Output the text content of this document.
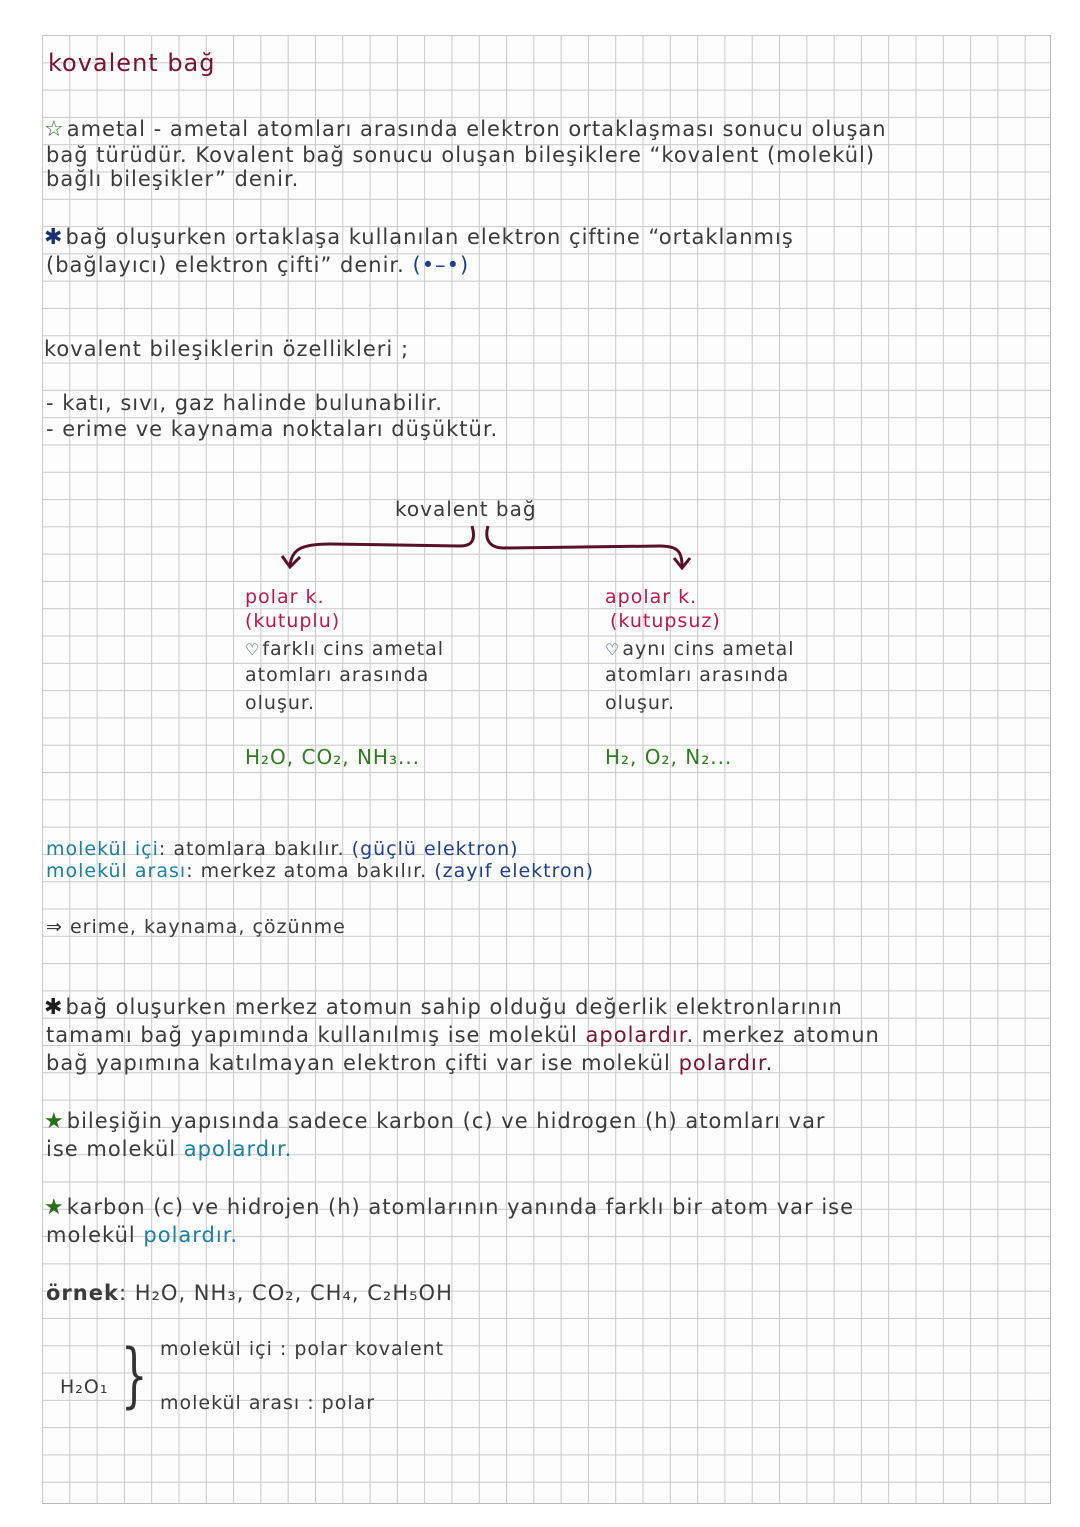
kovalent bağ
☆ametal - ametal atomları arasında elektron ortaklaşması sonucu oluşan
bağ türüdür. Kovalent bağ sonucu oluşan bileşiklere “kovalent (molekül)
bağlı bileşikler” denir.
✱bağ oluşurken ortaklaşa kullanılan elektron çiftine “ortaklanmış
(bağlayıcı) elektron çifti” denir. (•–•)
kovalent bileşiklerin özellikleri ;
- katı, sıvı, gaz halinde bulunabilir.
- erime ve kaynama noktaları düşüktür.
kovalent bağ
polar k.
(kutuplu)
♡ farklı cins ametal
atomları arasında
oluşur.
H₂O, CO₂, NH₃...
apolar k.
(kutupsuz)
♡ aynı cins ametal
atomları arasında
oluşur.
H₂, O₂, N₂...
molekül içi: atomlara bakılır. (güçlü elektron)
molekül arası: merkez atoma bakılır. (zayıf elektron)
⇒ erime, kaynama, çözünme
✱bağ oluşurken merkez atomun sahip olduğu değerlik elektronlarının
tamamı bağ yapımında kullanılmış ise molekül apolardır. merkez atomun
bağ yapımına katılmayan elektron çifti var ise molekül polardır.
★bileşiğin yapısında sadece karbon (c) ve hidrogen (h) atomları var
ise molekül apolardır.
★karbon (c) ve hidrojen (h) atomlarının yanında farklı bir atom var ise
molekül polardır.
örnek: H₂O, NH₃, CO₂, CH₄, C₂H₅OH
H₂O₁ } molekül içi : polar kovalent
molekül arası : polar
